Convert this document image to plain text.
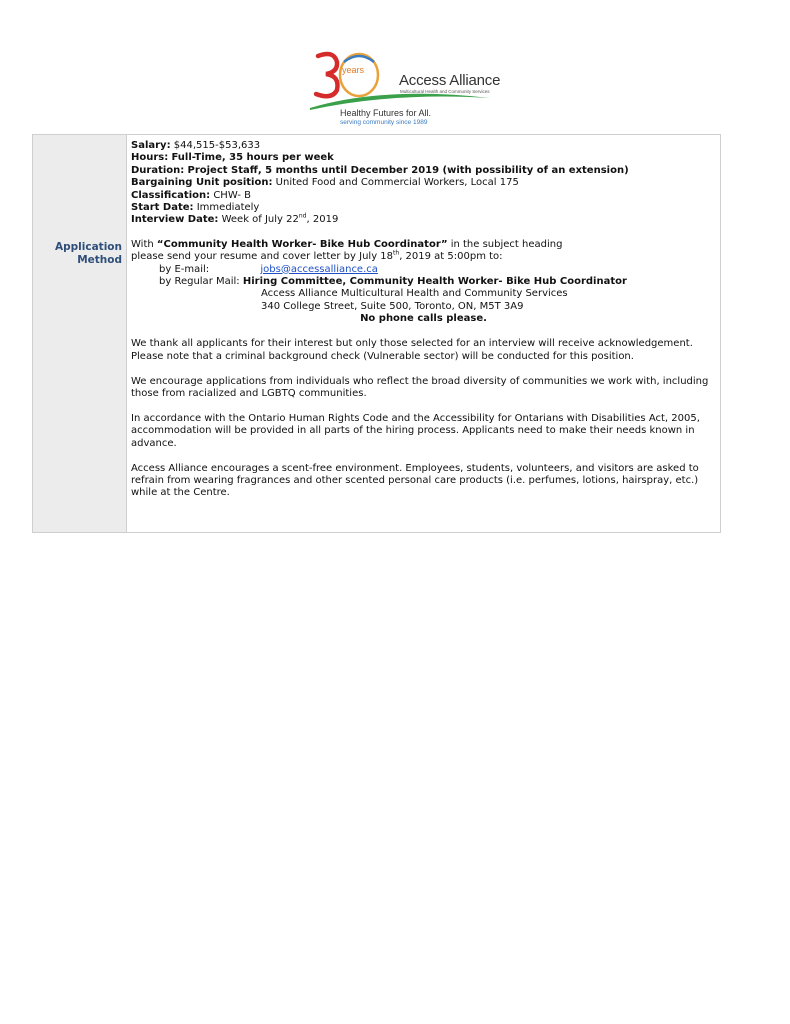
years
Access Alliance
Multicultural Health and Community Services
Healthy Futures for All.
serving community since 1989
Application
Method
Salary: $44,515-$53,633
Hours: Full-Time, 35 hours per week
Duration: Project Staff, 5 months until December 2019 (with possibility of an extension)
Bargaining Unit position: United Food and Commercial Workers, Local 175
Classification: CHW- B
Start Date: Immediately
Interview Date: Week of July 22nd, 2019
With “Community Health Worker- Bike Hub Coordinator” in the subject heading
please send your resume and cover letter by July 18th, 2019 at 5:00pm to:
by E-mail:	jobs@accessalliance.ca
by Regular Mail: Hiring Committee, Community Health Worker- Bike Hub Coordinator
Access Alliance Multicultural Health and Community Services
340 College Street, Suite 500, Toronto, ON, M5T 3A9
No phone calls please.

We thank all applicants for their interest but only those selected for an interview will receive acknowledgement. Please note that a criminal background check (Vulnerable sector) will be conducted for this position.

We encourage applications from individuals who reflect the broad diversity of communities we work with, including those from racialized and LGBTQ communities.

In accordance with the Ontario Human Rights Code and the Accessibility for Ontarians with Disabilities Act, 2005, accommodation will be provided in all parts of the hiring process. Applicants need to make their needs known in advance.

Access Alliance encourages a scent-free environment. Employees, students, volunteers, and visitors are asked to refrain from wearing fragrances and other scented personal care products (i.e. perfumes, lotions, hairspray, etc.) while at the Centre.
